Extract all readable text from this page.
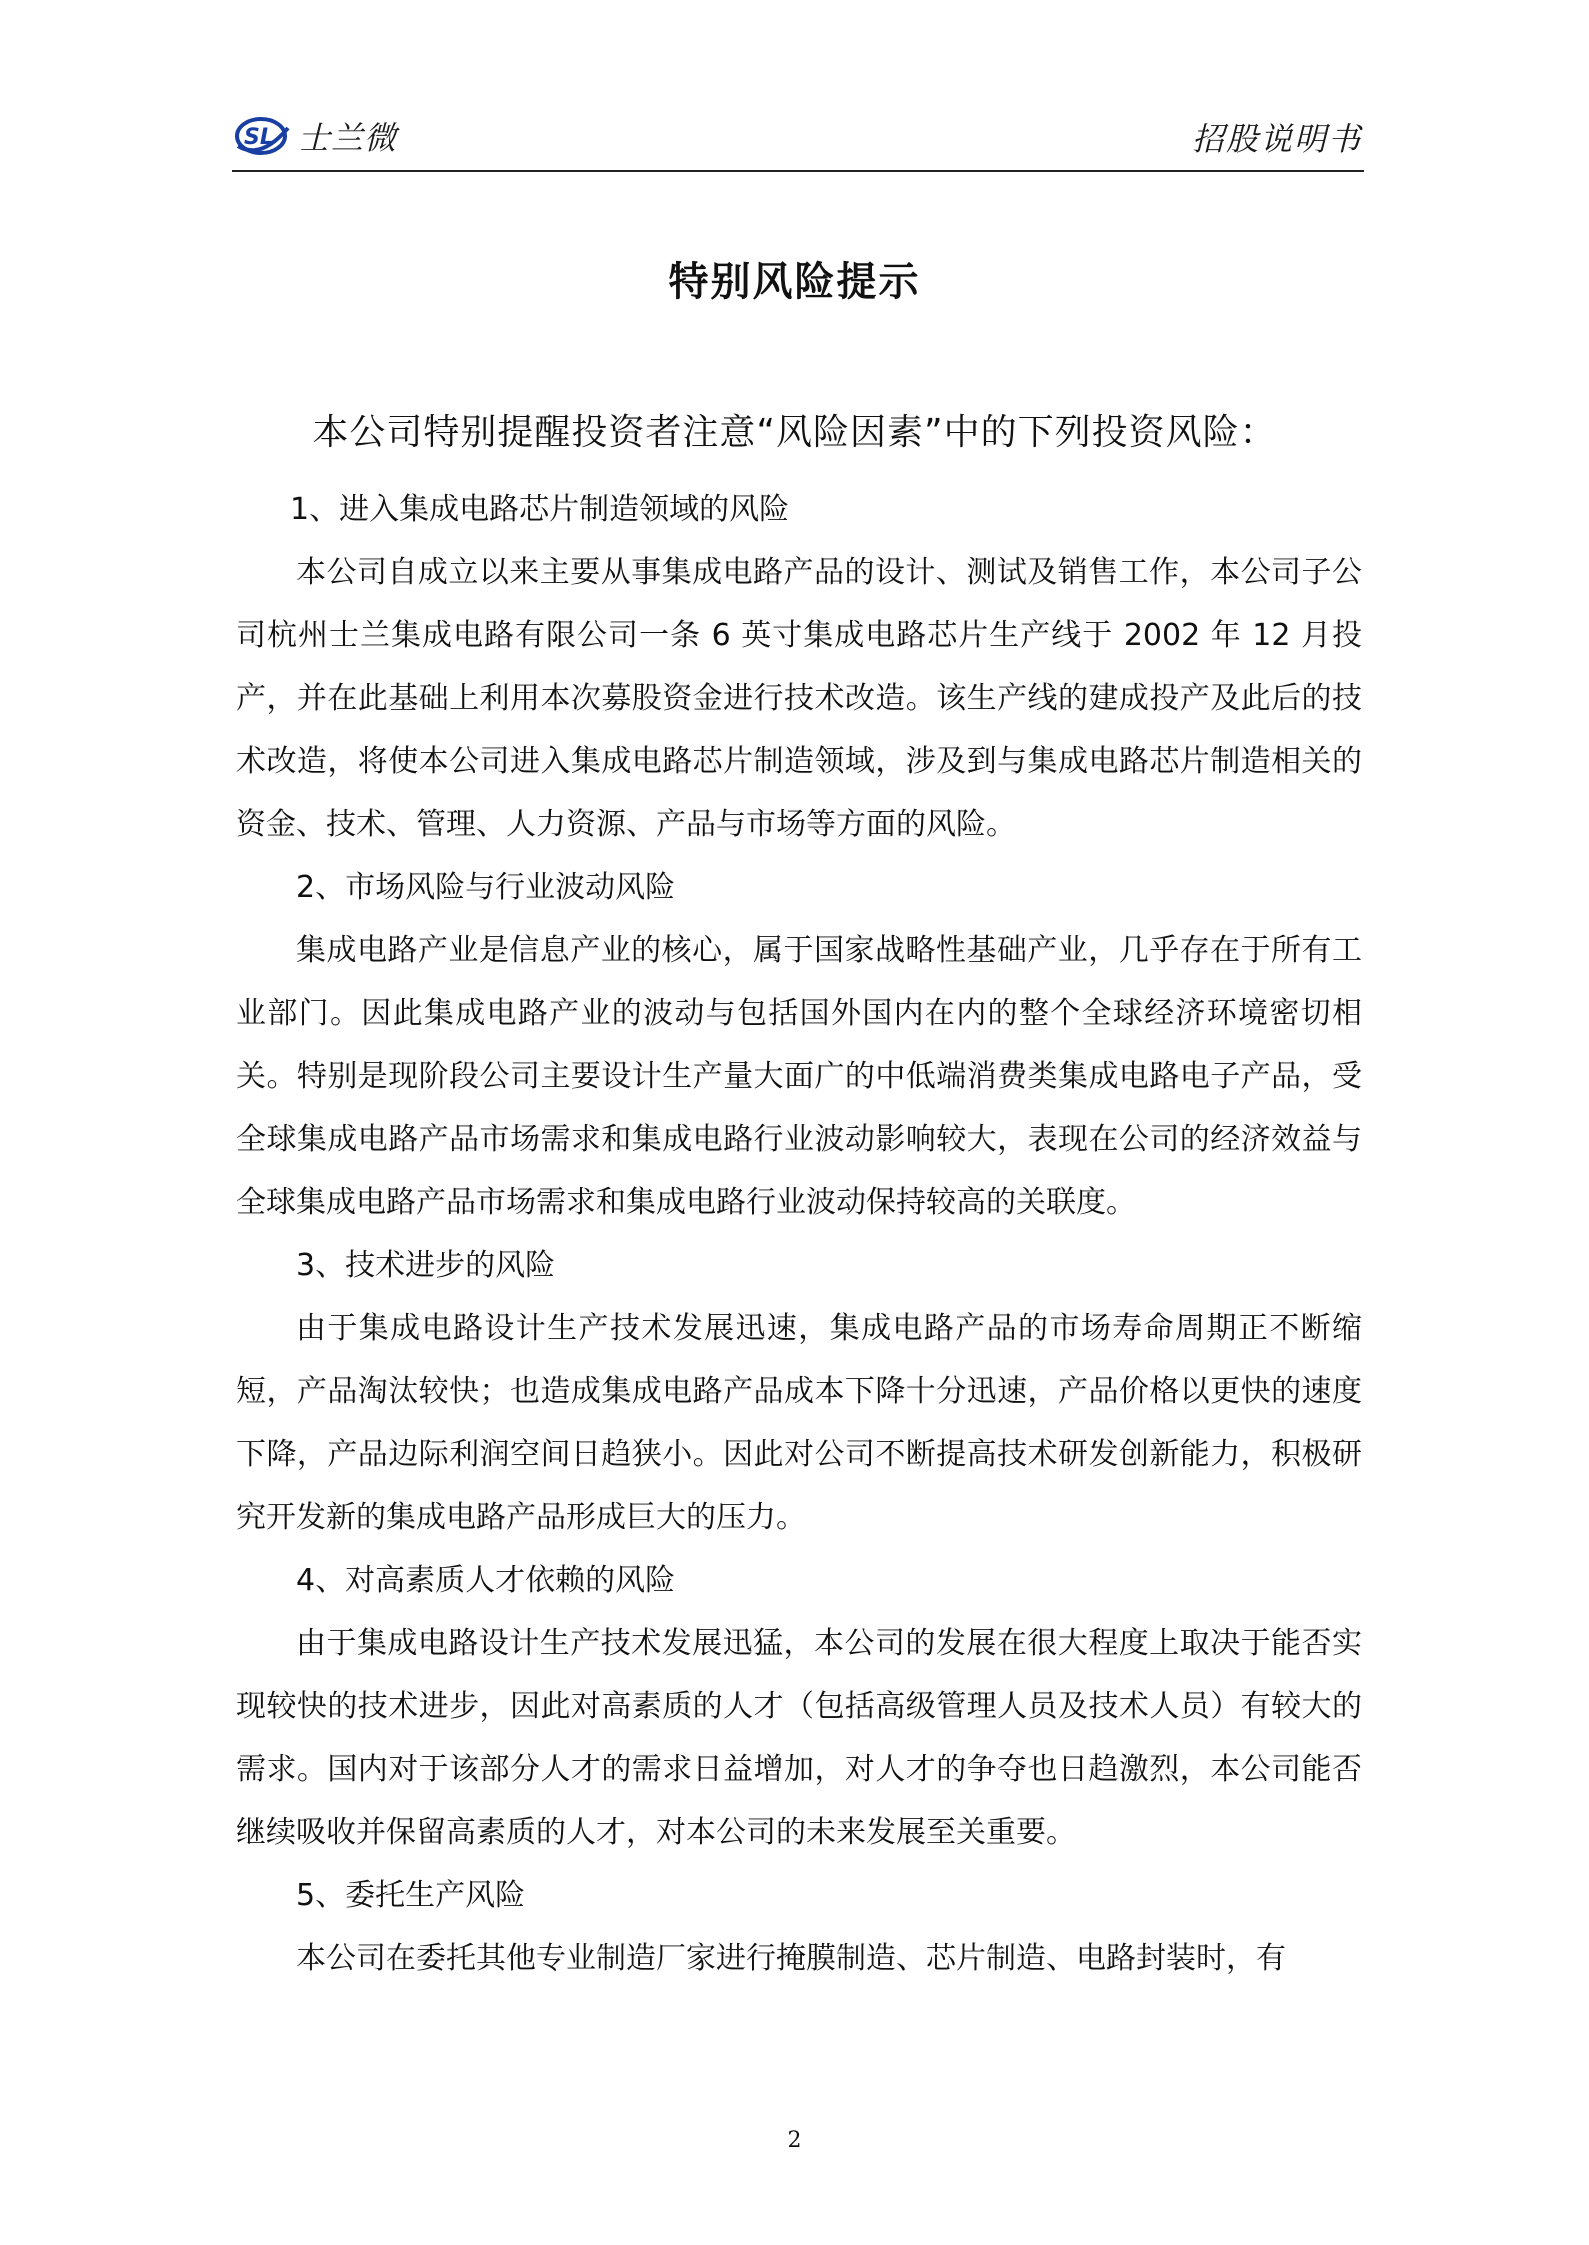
SL 士兰微	招股说明书
特别风险提示
本公司特别提醒投资者注意“风险因素”中的下列投资风险：
1、进入集成电路芯片制造领域的风险

本公司自成立以来主要从事集成电路产品的设计、测试及销售工作，本公司子公司杭州士兰集成电路有限公司一条 6 英寸集成电路芯片生产线于 2002 年 12 月投产，并在此基础上利用本次募股资金进行技术改造。该生产线的建成投产及此后的技术改造，将使本公司进入集成电路芯片制造领域，涉及到与集成电路芯片制造相关的资金、技术、管理、人力资源、产品与市场等方面的风险。

2、市场风险与行业波动风险

集成电路产业是信息产业的核心，属于国家战略性基础产业，几乎存在于所有工业部门。因此集成电路产业的波动与包括国外国内在内的整个全球经济环境密切相关。特别是现阶段公司主要设计生产量大面广的中低端消费类集成电路电子产品，受全球集成电路产品市场需求和集成电路行业波动影响较大，表现在公司的经济效益与全球集成电路产品市场需求和集成电路行业波动保持较高的关联度。

3、技术进步的风险

由于集成电路设计生产技术发展迅速，集成电路产品的市场寿命周期正不断缩短，产品淘汰较快；也造成集成电路产品成本下降十分迅速，产品价格以更快的速度下降，产品边际利润空间日趋狭小。因此对公司不断提高技术研发创新能力，积极研究开发新的集成电路产品形成巨大的压力。

4、对高素质人才依赖的风险

由于集成电路设计生产技术发展迅猛，本公司的发展在很大程度上取决于能否实现较快的技术进步，因此对高素质的人才（包括高级管理人员及技术人员）有较大的需求。国内对于该部分人才的需求日益增加，对人才的争夺也日趋激烈，本公司能否继续吸收并保留高素质的人才，对本公司的未来发展至关重要。

5、委托生产风险

本公司在委托其他专业制造厂家进行掩膜制造、芯片制造、电路封装时，有

2
